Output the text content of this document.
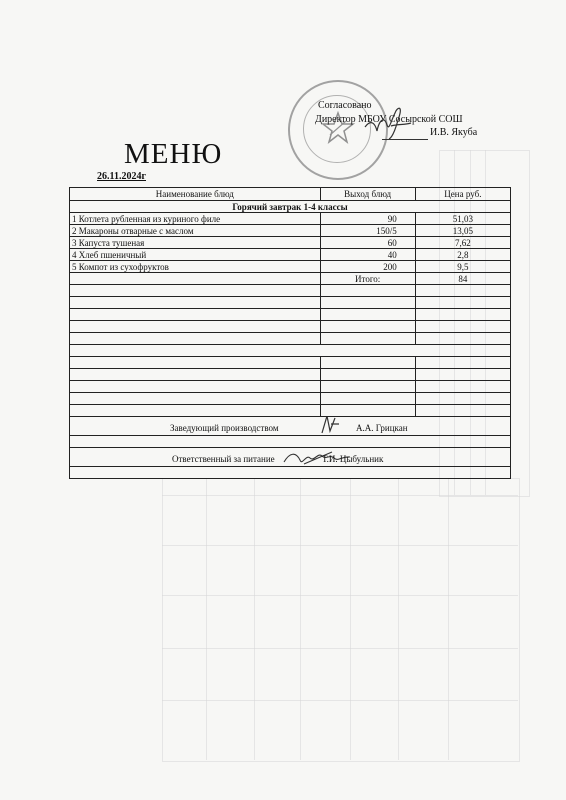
Согласовано
Директор МБОУ Сосырской СОШ
И.В. Якуба
МЕНЮ
26.11.2024г
Наименование блюд	Выход блюд	Цена руб.
Горячий завтрак 1-4 классы		
1 Котлета рубленная из куриного филе	90	51,03
2 Макароны отварные с маслом	150/5	13,05
3 Капуста тушеная	60	7,62
4 Хлеб пшеничный	40	2,8
5 Компот из сухофруктов	200	9,5
	Итого:	84

Заведующий производством А.А. Грицкан		

Ответственный за питание Т.И. Цыбульник		
